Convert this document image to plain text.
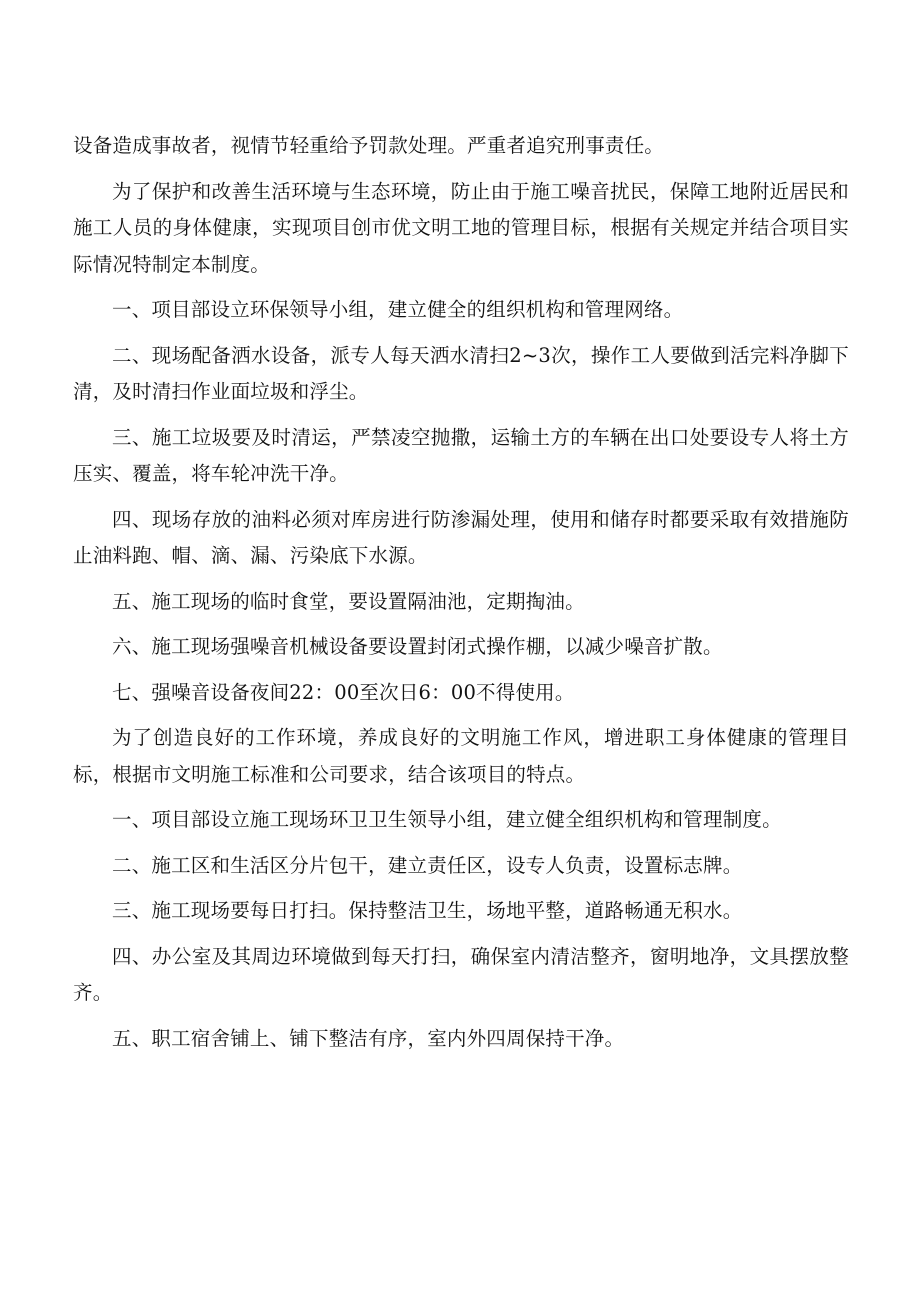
设备造成事故者，视情节轻重给予罚款处理。严重者追究刑事责任。

为了保护和改善生活环境与生态环境，防止由于施工噪音扰民，保障工地附近居民和施工人员的身体健康，实现项目创市优文明工地的管理目标，根据有关规定并结合项目实际情况特制定本制度。

一、项目部设立环保领导小组，建立健全的组织机构和管理网络。

二、现场配备洒水设备，派专人每天洒水清扫2~3次，操作工人要做到活完料净脚下清，及时清扫作业面垃圾和浮尘。

三、施工垃圾要及时清运，严禁凌空抛撒，运输土方的车辆在出口处要设专人将土方压实、覆盖，将车轮冲洗干净。

四、现场存放的油料必须对库房进行防渗漏处理，使用和储存时都要采取有效措施防止油料跑、帽、滴、漏、污染底下水源。

五、施工现场的临时食堂，要设置隔油池，定期掏油。

六、施工现场强噪音机械设备要设置封闭式操作棚，以减少噪音扩散。

七、强噪音设备夜间22：00至次日6：00不得使用。

为了创造良好的工作环境，养成良好的文明施工作风，增进职工身体健康的管理目标，根据市文明施工标准和公司要求，结合该项目的特点。

一、项目部设立施工现场环卫卫生领导小组，建立健全组织机构和管理制度。

二、施工区和生活区分片包干，建立责任区，设专人负责，设置标志牌。

三、施工现场要每日打扫。保持整洁卫生，场地平整，道路畅通无积水。

四、办公室及其周边环境做到每天打扫，确保室内清洁整齐，窗明地净，文具摆放整齐。

五、职工宿舍铺上、铺下整洁有序，室内外四周保持干净。
